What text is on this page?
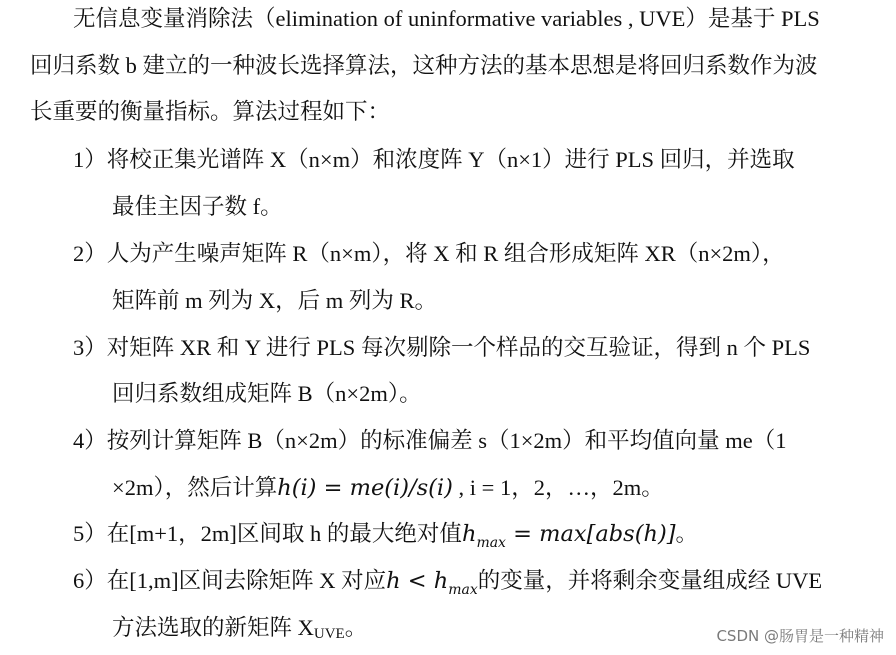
无信息变量消除法（elimination of uninformative variables , UVE）是基于 PLS
回归系数 b 建立的一种波长选择算法，这种方法的基本思想是将回归系数作为波
长重要的衡量指标。算法过程如下：
1）将校正集光谱阵 X（n×m）和浓度阵 Y（n×1）进行 PLS 回归，并选取
最佳主因子数 f。
2）人为产生噪声矩阵 R（n×m），将 X 和 R 组合形成矩阵 XR（n×2m），
矩阵前 m 列为 X，后 m 列为 R。
3）对矩阵 XR 和 Y 进行 PLS 每次剔除一个样品的交互验证，得到 n 个 PLS
回归系数组成矩阵 B（n×2m）。
4）按列计算矩阵 B（n×2m）的标准偏差 s（1×2m）和平均值向量 me（1
×2m），然后计算h(i) = me(i)/s(i) , i = 1，2，…，2m。
5）在[m+1，2m]区间取 h 的最大绝对值$h_{max} = \max[abs(h)]$。
6）在[1,m]区间去除矩阵 X 对应$h < h_{max}$的变量，并将剩余变量组成经 UVE
方法选取的新矩阵 XUVE。	CSDN @肠胃是一种精神
